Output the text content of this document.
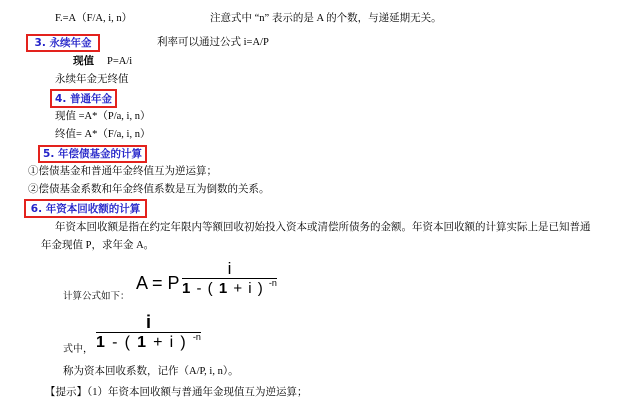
F.=A（F/A, i, n）	注意式中 “n” 表示的是 A 的个数，与递延期无关。
3. 永续年金	利率可以通过公式 i=A/P
现值 P=A/i
永续年金无终值
4. 普通年金
现值 =A*（P/a, i, n）
终值= A*（F/a, i, n）
5. 年偿债基金的计算
①偿债基金和普通年金终值互为逆运算；
②偿债基金系数和年金终值系数是互为倒数的关系。
6. 年资本回收额的计算
年资本回收额是指在约定年限内等额回收初始投入资本或清偿所债务的金额。年资本回收额的计算实际上是已知普通
年金现值 P，求年金 A。
计算公式如下：
A = P
i
1 - ( 1 + i ) -n
式中，
i
1 - ( 1 + i ) -n
称为资本回收系数，记作（A/P, i, n）。
【提示】（1）年资本回收额与普通年金现值互为逆运算；
